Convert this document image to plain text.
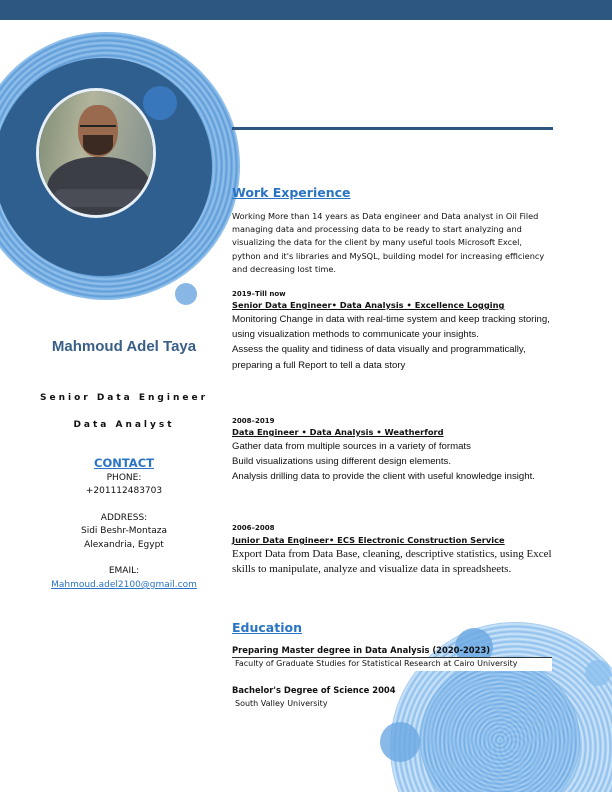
Mahmoud Adel Taya
Senior Data Engineer
Data Analyst
CONTACT
PHONE:
+201112483703
ADDRESS:
Sidi Beshr-Montaza
Alexandria, Egypt
EMAIL:
Mahmoud.adel2100@gmail.com
Work Experience
Working More than 14 years as Data engineer and Data analyst in Oil Filed managing data and processing data to be ready to start analyzing and visualizing the data for the client by many useful tools Microsoft Excel, python and it's libraries and MySQL, building model for increasing efficiency and decreasing lost time.
2019–Till now
Senior Data Engineer• Data Analysis • Excellence Logging
Monitoring Change in data with real-time system and keep tracking storing, using visualization methods to communicate your insights.
Assess the quality and tidiness of data visually and programmatically, preparing a full Report to tell a data story
2008–2019
Data Engineer • Data Analysis • Weatherford
Gather data from multiple sources in a variety of formats
Build visualizations using different design elements.
Analysis drilling data to provide the client with useful knowledge insight.
2006–2008
Junior Data Engineer• ECS Electronic Construction Service
Export Data from Data Base, cleaning, descriptive statistics, using Excel skills to manipulate, analyze and visualize data in spreadsheets.
Education
Preparing Master degree in Data Analysis (2020-2023)
Faculty of Graduate Studies for Statistical Research at Cairo University
Bachelor's Degree of Science 2004
South Valley University
